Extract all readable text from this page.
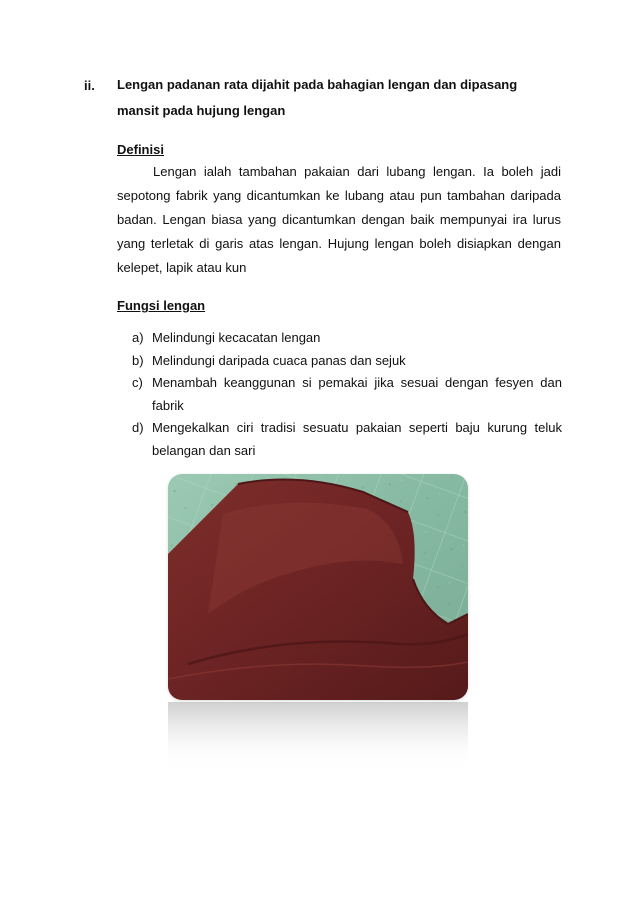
ii. Lengan padanan rata dijahit pada bahagian lengan dan dipasang mansit pada hujung lengan
Definisi
Lengan ialah tambahan pakaian dari lubang lengan. Ia boleh jadi sepotong fabrik yang dicantumkan ke lubang atau pun tambahan daripada badan. Lengan biasa yang dicantumkan dengan baik mempunyai ira lurus yang terletak di garis atas lengan. Hujung lengan boleh disiapkan dengan kelepet, lapik atau kun
Fungsi lengan
a) Melindungi kecacatan lengan
b) Melindungi daripada cuaca panas dan sejuk
c) Menambah keanggunan si pemakai jika sesuai dengan fesyen dan fabrik
d) Mengekalkan ciri tradisi sesuatu pakaian seperti baju kurung teluk belangan dan sari
